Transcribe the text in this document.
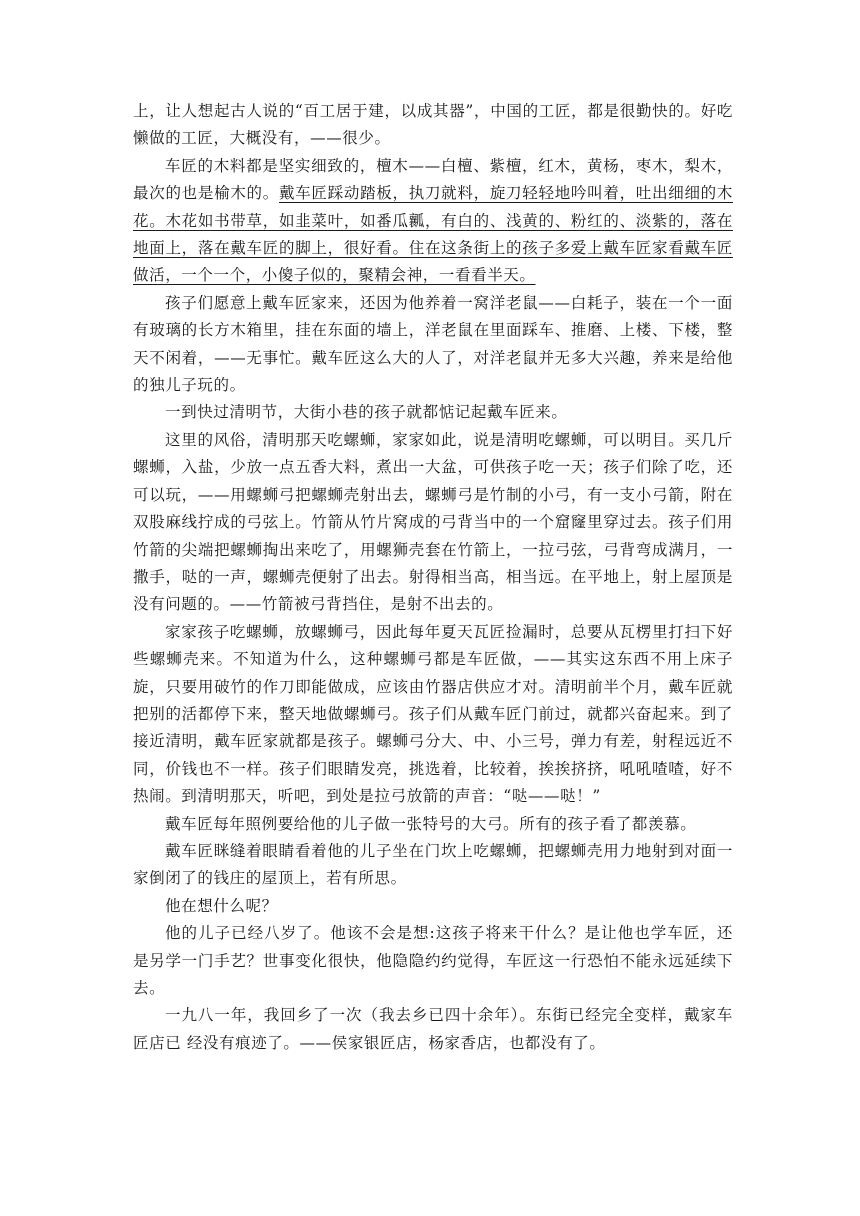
上，让人想起古人说的“百工居于建，以成其器”，中国的工匠，都是很勤快的。好吃懒做的工匠，大概没有，——很少。

车匠的木料都是坚实细致的，檀木——白檀、紫檀，红木，黄杨，枣木，梨木，最次的也是榆木的。戴车匠踩动踏板，执刀就料，旋刀轻轻地吟叫着，吐出细细的木花。木花如书带草，如韭菜叶，如番瓜瓤，有白的、浅黄的、粉红的、淡紫的，落在地面上，落在戴车匠的脚上，很好看。住在这条街上的孩子多爱上戴车匠家看戴车匠做活，一个一个，小傻子似的，聚精会神，一看看半天。

孩子们愿意上戴车匠家来，还因为他养着一窝洋老鼠——白耗子，装在一个一面有玻璃的长方木箱里，挂在东面的墙上，洋老鼠在里面踩车、推磨、上楼、下楼，整天不闲着，——无事忙。戴车匠这么大的人了，对洋老鼠并无多大兴趣，养来是给他的独儿子玩的。

一到快过清明节，大街小巷的孩子就都惦记起戴车匠来。

这里的风俗，清明那天吃螺蛳，家家如此，说是清明吃螺蛳，可以明目。买几斤螺蛳，入盐，少放一点五香大料，煮出一大盆，可供孩子吃一天；孩子们除了吃，还可以玩，——用螺蛳弓把螺蛳壳射出去，螺蛳弓是竹制的小弓，有一支小弓箭，附在双股麻线拧成的弓弦上。竹箭从竹片窝成的弓背当中的一个窟窿里穿过去。孩子们用竹箭的尖端把螺蛳掏出来吃了，用螺狮壳套在竹箭上，一拉弓弦，弓背弯成满月，一撒手，哒的一声，螺蛳壳便射了出去。射得相当高，相当远。在平地上，射上屋顶是没有问题的。——竹箭被弓背挡住，是射不出去的。

家家孩子吃螺蛳，放螺蛳弓，因此每年夏天瓦匠捡漏时，总要从瓦楞里打扫下好些螺蛳壳来。不知道为什么，这种螺蛳弓都是车匠做，——其实这东西不用上床子旋，只要用破竹的作刀即能做成，应该由竹器店供应才对。清明前半个月，戴车匠就把别的活都停下来，整天地做螺蛳弓。孩子们从戴车匠门前过，就都兴奋起来。到了接近清明，戴车匠家就都是孩子。螺蛳弓分大、中、小三号，弹力有差，射程远近不同，价钱也不一样。孩子们眼睛发亮，挑选着，比较着，挨挨挤挤，吼吼喳喳，好不热闹。到清明那天，听吧，到处是拉弓放箭的声音：“哒——哒！”

戴车匠每年照例要给他的儿子做一张特号的大弓。所有的孩子看了都羡慕。

戴车匠眯缝着眼睛看着他的儿子坐在门坎上吃螺蛳，把螺蛳壳用力地射到对面一家倒闭了的钱庄的屋顶上，若有所思。

他在想什么呢？

他的儿子已经八岁了。他该不会是想:这孩子将来干什么？是让他也学车匠，还是另学一门手艺？世事变化很快，他隐隐约约觉得，车匠这一行恐怕不能永远延续下去。

一九八一年，我回乡了一次（我去乡已四十余年）。东街已经完全变样，戴家车匠店已 经没有痕迹了。——侯家银匠店，杨家香店，也都没有了。
